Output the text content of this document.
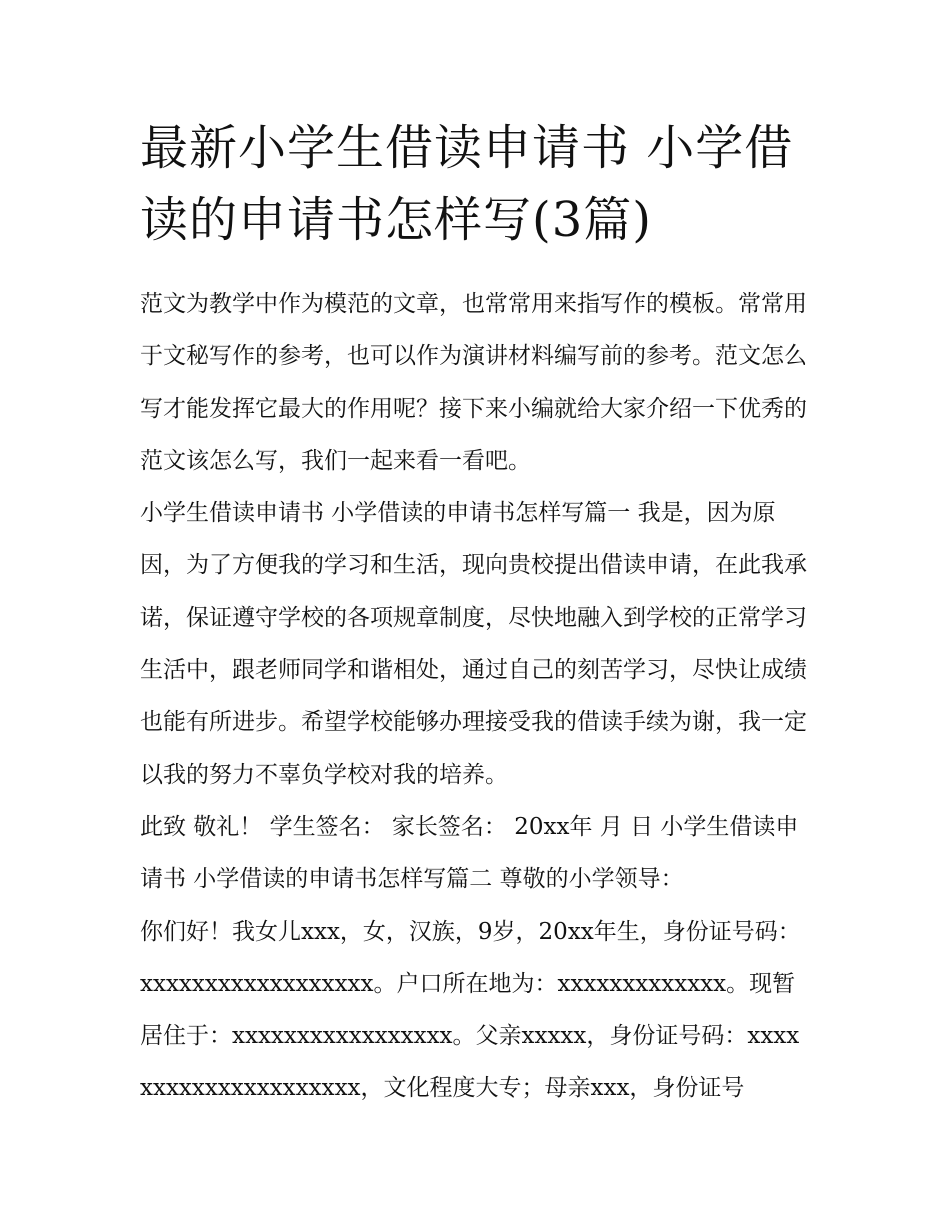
最新小学生借读申请书 小学借读的申请书怎样写(3篇)

范文为教学中作为模范的文章，也常常用来指写作的模板。常常用于文秘写作的参考，也可以作为演讲材料编写前的参考。范文怎么写才能发挥它最大的作用呢？接下来小编就给大家介绍一下优秀的范文该怎么写，我们一起来看一看吧。

小学生借读申请书 小学借读的申请书怎样写篇一 我是，因为原因，为了方便我的学习和生活，现向贵校提出借读申请，在此我承诺，保证遵守学校的各项规章制度，尽快地融入到学校的正常学习生活中，跟老师同学和谐相处，通过自己的刻苦学习，尽快让成绩也能有所进步。希望学校能够办理接受我的借读手续为谢，我一定以我的努力不辜负学校对我的培养。

此致 敬礼！ 学生签名： 家长签名： 20xx年 月 日 小学生借读申请书 小学借读的申请书怎样写篇二 尊敬的小学领导：

你们好！我女儿xxx，女，汉族，9岁，20xx年生，身份证号码：xxxxxxxxxxxxxxxxxx。户口所在地为：xxxxxxxxxxxxx。现暂居住于：xxxxxxxxxxxxxxxxx。父亲xxxxx，身份证号码：xxxxxxxxxxxxxxxxxxxxx，文化程度大专；母亲xxx，身份证号
